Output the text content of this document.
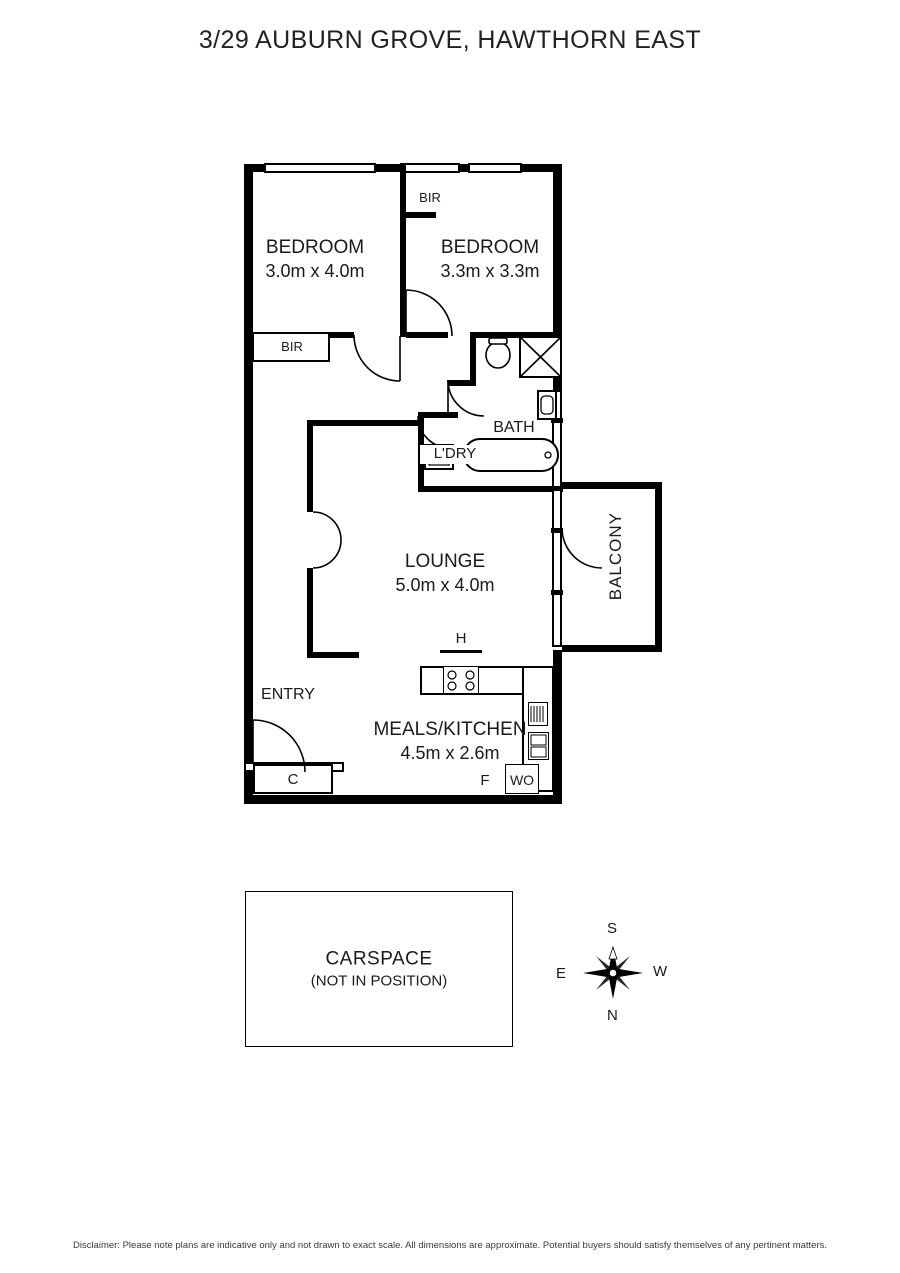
3/29 AUBURN GROVE, HAWTHORN EAST
BEDROOM
3.0m x 4.0m
BEDROOM
3.3m x 3.3m
LOUNGE
5.0m x 4.0m
MEALS/KITCHEN
4.5m x 2.6m
BATH
L'DRY
ENTRY
BALCONY
BIR
BIR
C	F	WO
H
CARSPACE
(NOT IN POSITION)
S
N
E	W
Disclaimer: Please note plans are indicative only and not drawn to exact scale. All dimensions are approximate. Potential buyers should satisfy themselves of any pertinent matters.
